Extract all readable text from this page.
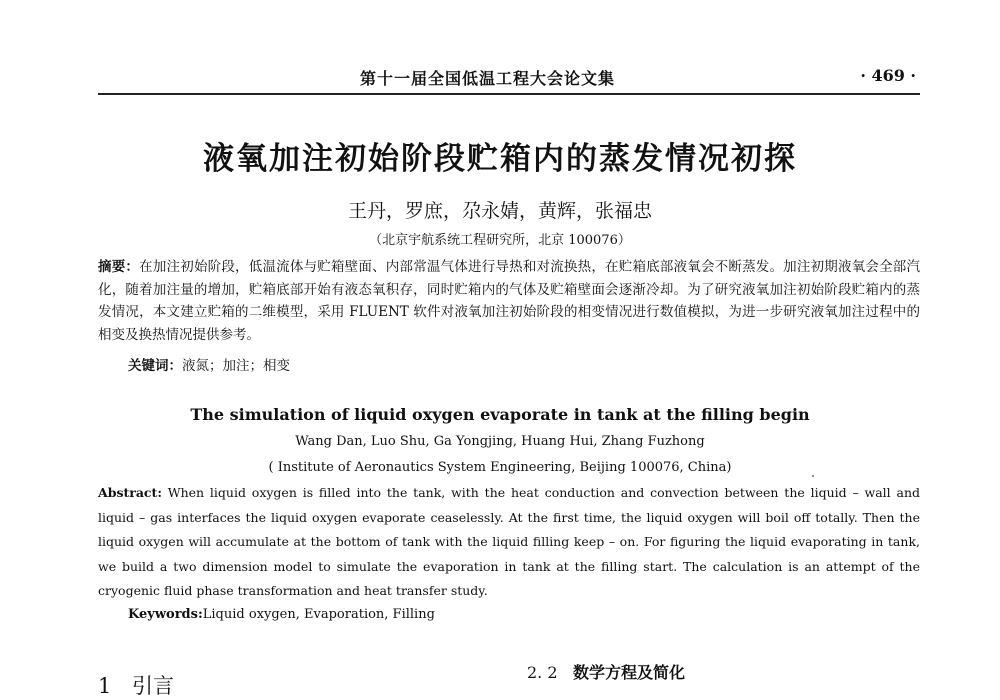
第十一届全国低温工程大会论文集	· 469 ·
液氧加注初始阶段贮箱内的蒸发情况初探
王丹，罗庶，尕永婧，黄辉，张福忠
（北京宇航系统工程研究所，北京 100076）
摘要：在加注初始阶段，低温流体与贮箱壁面、内部常温气体进行导热和对流换热，在贮箱底部液氧会不断蒸发。加注初期液氧会全部汽化，随着加注量的增加，贮箱底部开始有液态氧积存，同时贮箱内的气体及贮箱壁面会逐渐冷却。为了研究液氧加注初始阶段贮箱内的蒸发情况，本文建立贮箱的二维模型，采用 FLUENT 软件对液氧加注初始阶段的相变情况进行数值模拟，为进一步研究液氧加注过程中的相变及换热情况提供参考。
关键词：液氮；加注；相变
The simulation of liquid oxygen evaporate in tank at the filling begin
Wang Dan, Luo Shu, Ga Yongjing, Huang Hui, Zhang Fuzhong
( Institute of Aeronautics System Engineering, Beijing 100076, China)
Abstract: When liquid oxygen is filled into the tank, with the heat conduction and convection between the liquid – wall and liquid – gas interfaces the liquid oxygen evaporate ceaselessly. At the first time, the liquid oxygen will boil off totally. Then the liquid oxygen will accumulate at the bottom of tank with the liquid filling keep – on. For figuring the liquid evaporating in tank, we build a two dimension model to simulate the evaporation in tank at the filling start. The calculation is an attempt of the cryogenic fluid phase transformation and heat transfer study.
Keywords:Liquid oxygen, Evaporation, Filling
1 引言
2. 2 数学方程及简化
